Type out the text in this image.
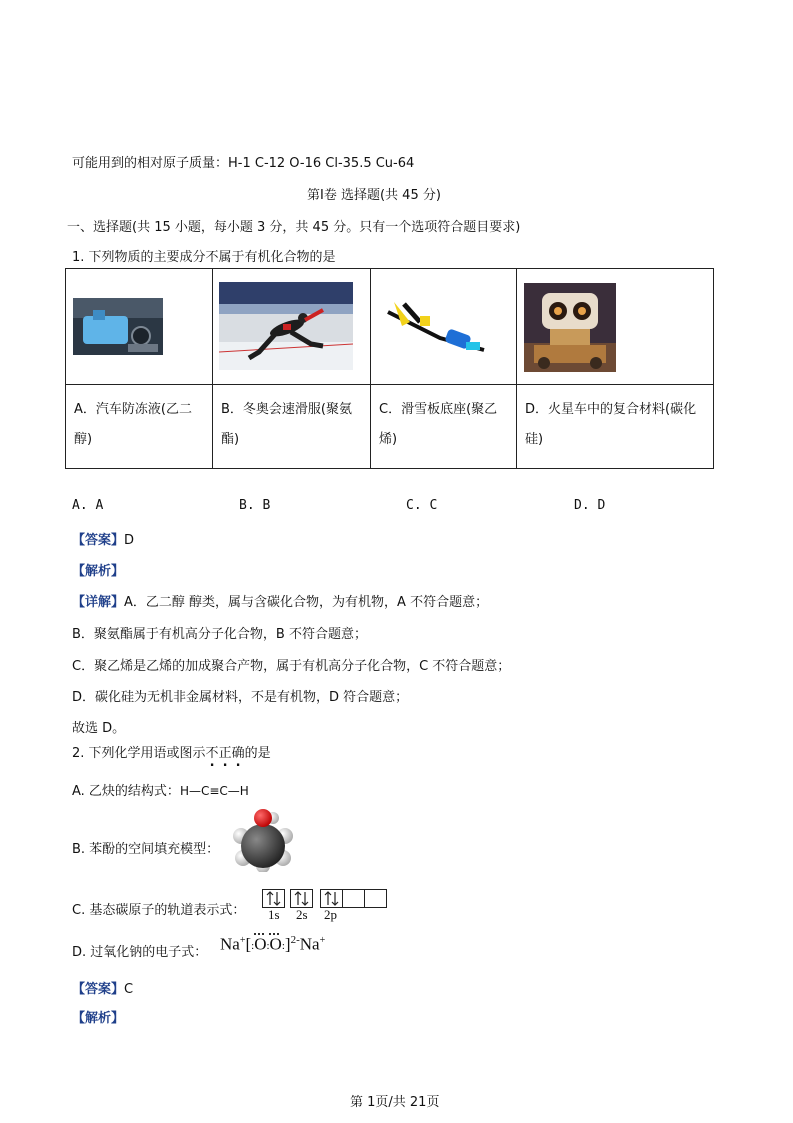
可能用到的相对原子质量：H-1 C-12 O-16 Cl-35.5 Cu-64
第Ⅰ卷 选择题(共 45 分)
一、选择题(共 15 小题，每小题 3 分，共 45 分。只有一个选项符合题目要求)
1. 下列物质的主要成分不属于有机化合物的是

A．汽车防冻液(乙二醇)	B．冬奥会速滑服(聚氨酯)	C．滑雪板底座(聚乙烯)	D．火星车中的复合材料(碳化硅)
A. A	B. B	C. C	D. D
【答案】D
【解析】
【详解】A．乙二醇 醇类，属与含碳化合物，为有机物，A 不符合题意；
B．聚氨酯属于有机高分子化合物，B 不符合题意；
C．聚乙烯是乙烯的加成聚合产物，属于有机高分子化合物，C 不符合题意；
D．碳化硅为无机非金属材料，不是有机物，D 符合题意；
故选 D。
2. 下列化学用语或图示不正确的是
A. 乙炔的结构式：H—C≡C—H
B. 苯酚的空间填充模型：
C. 基态碳原子的轨道表示式： 1s 2s 2p
D. 过氧化钠的电子式： Na+[:O:O:]$^{2-}$Na+
【答案】C
【解析】
第 1页/共 21页
